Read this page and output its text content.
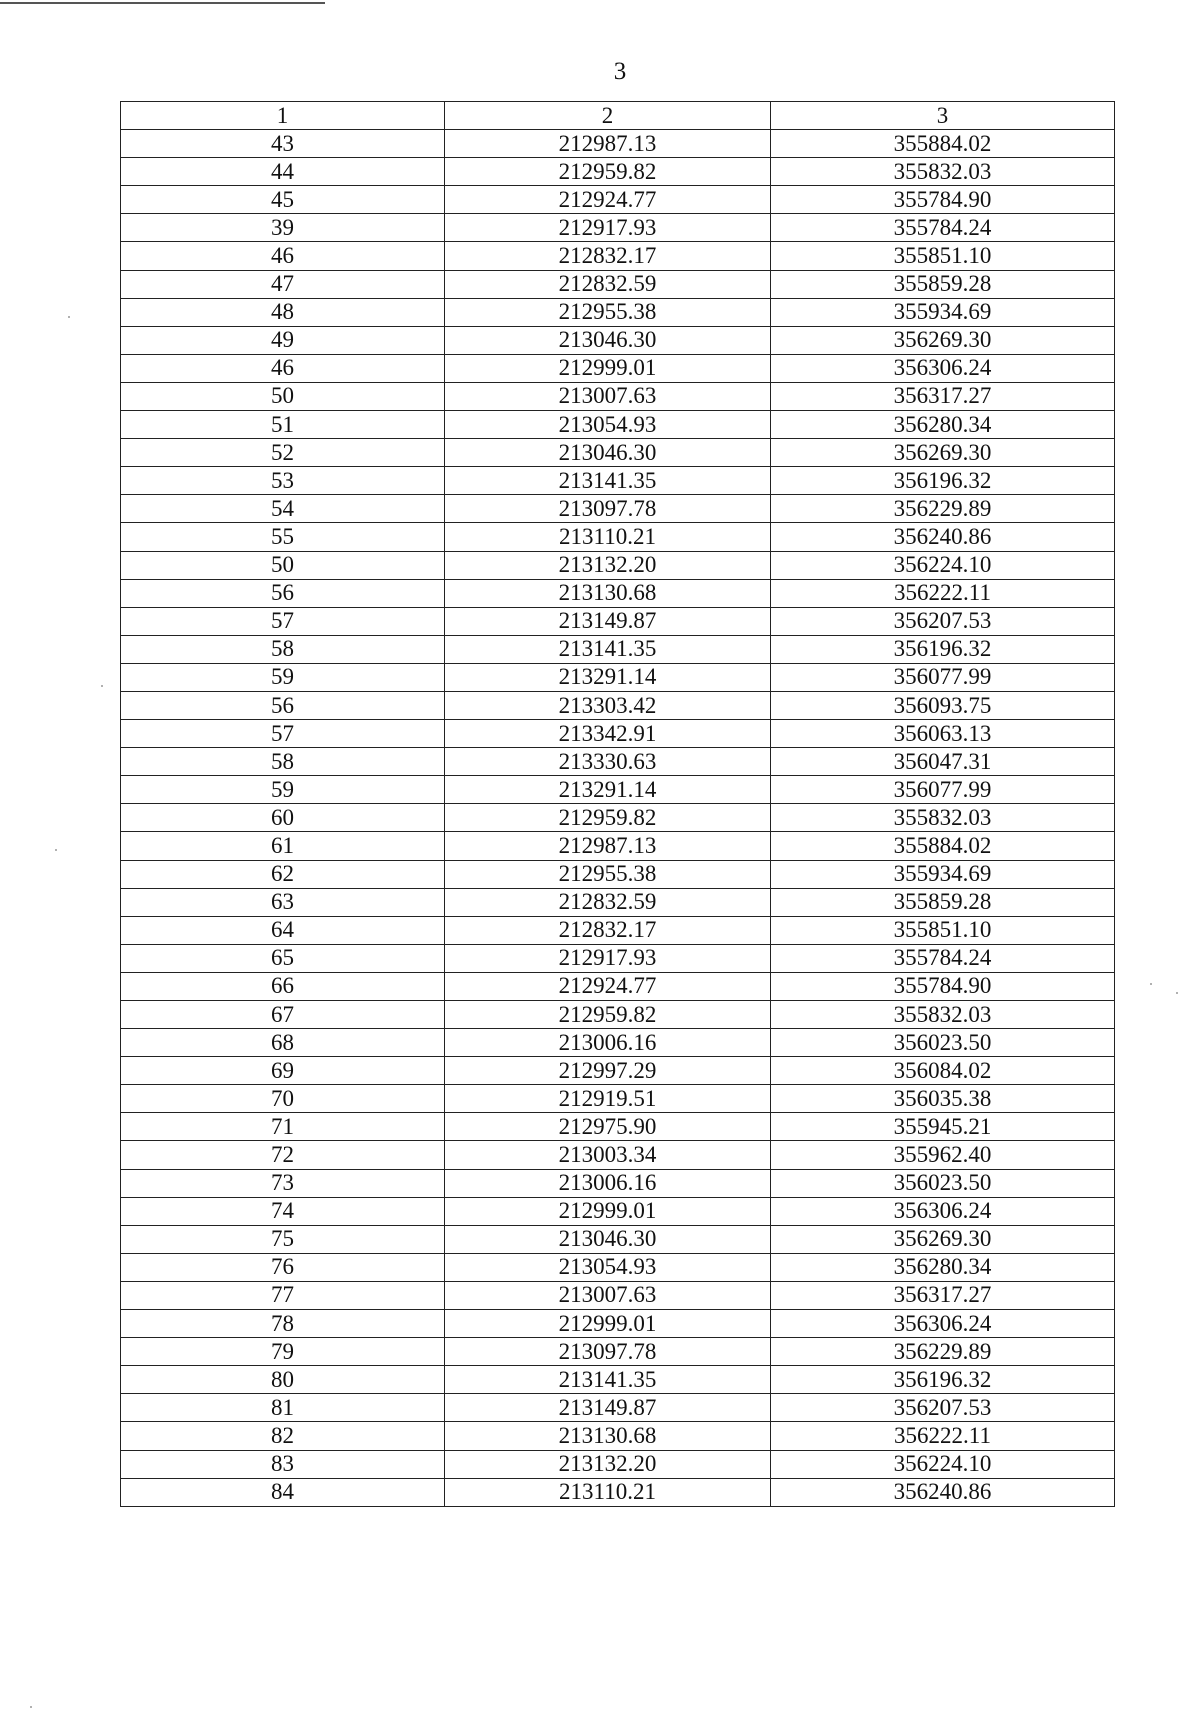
3
1	2	3
43	212987.13	355884.02
44	212959.82	355832.03
45	212924.77	355784.90
39	212917.93	355784.24
46	212832.17	355851.10
47	212832.59	355859.28
48	212955.38	355934.69
49	213046.30	356269.30
46	212999.01	356306.24
50	213007.63	356317.27
51	213054.93	356280.34
52	213046.30	356269.30
53	213141.35	356196.32
54	213097.78	356229.89
55	213110.21	356240.86
50	213132.20	356224.10
56	213130.68	356222.11
57	213149.87	356207.53
58	213141.35	356196.32
59	213291.14	356077.99
56	213303.42	356093.75
57	213342.91	356063.13
58	213330.63	356047.31
59	213291.14	356077.99
60	212959.82	355832.03
61	212987.13	355884.02
62	212955.38	355934.69
63	212832.59	355859.28
64	212832.17	355851.10
65	212917.93	355784.24
66	212924.77	355784.90
67	212959.82	355832.03
68	213006.16	356023.50
69	212997.29	356084.02
70	212919.51	356035.38
71	212975.90	355945.21
72	213003.34	355962.40
73	213006.16	356023.50
74	212999.01	356306.24
75	213046.30	356269.30
76	213054.93	356280.34
77	213007.63	356317.27
78	212999.01	356306.24
79	213097.78	356229.89
80	213141.35	356196.32
81	213149.87	356207.53
82	213130.68	356222.11
83	213132.20	356224.10
84	213110.21	356240.86
